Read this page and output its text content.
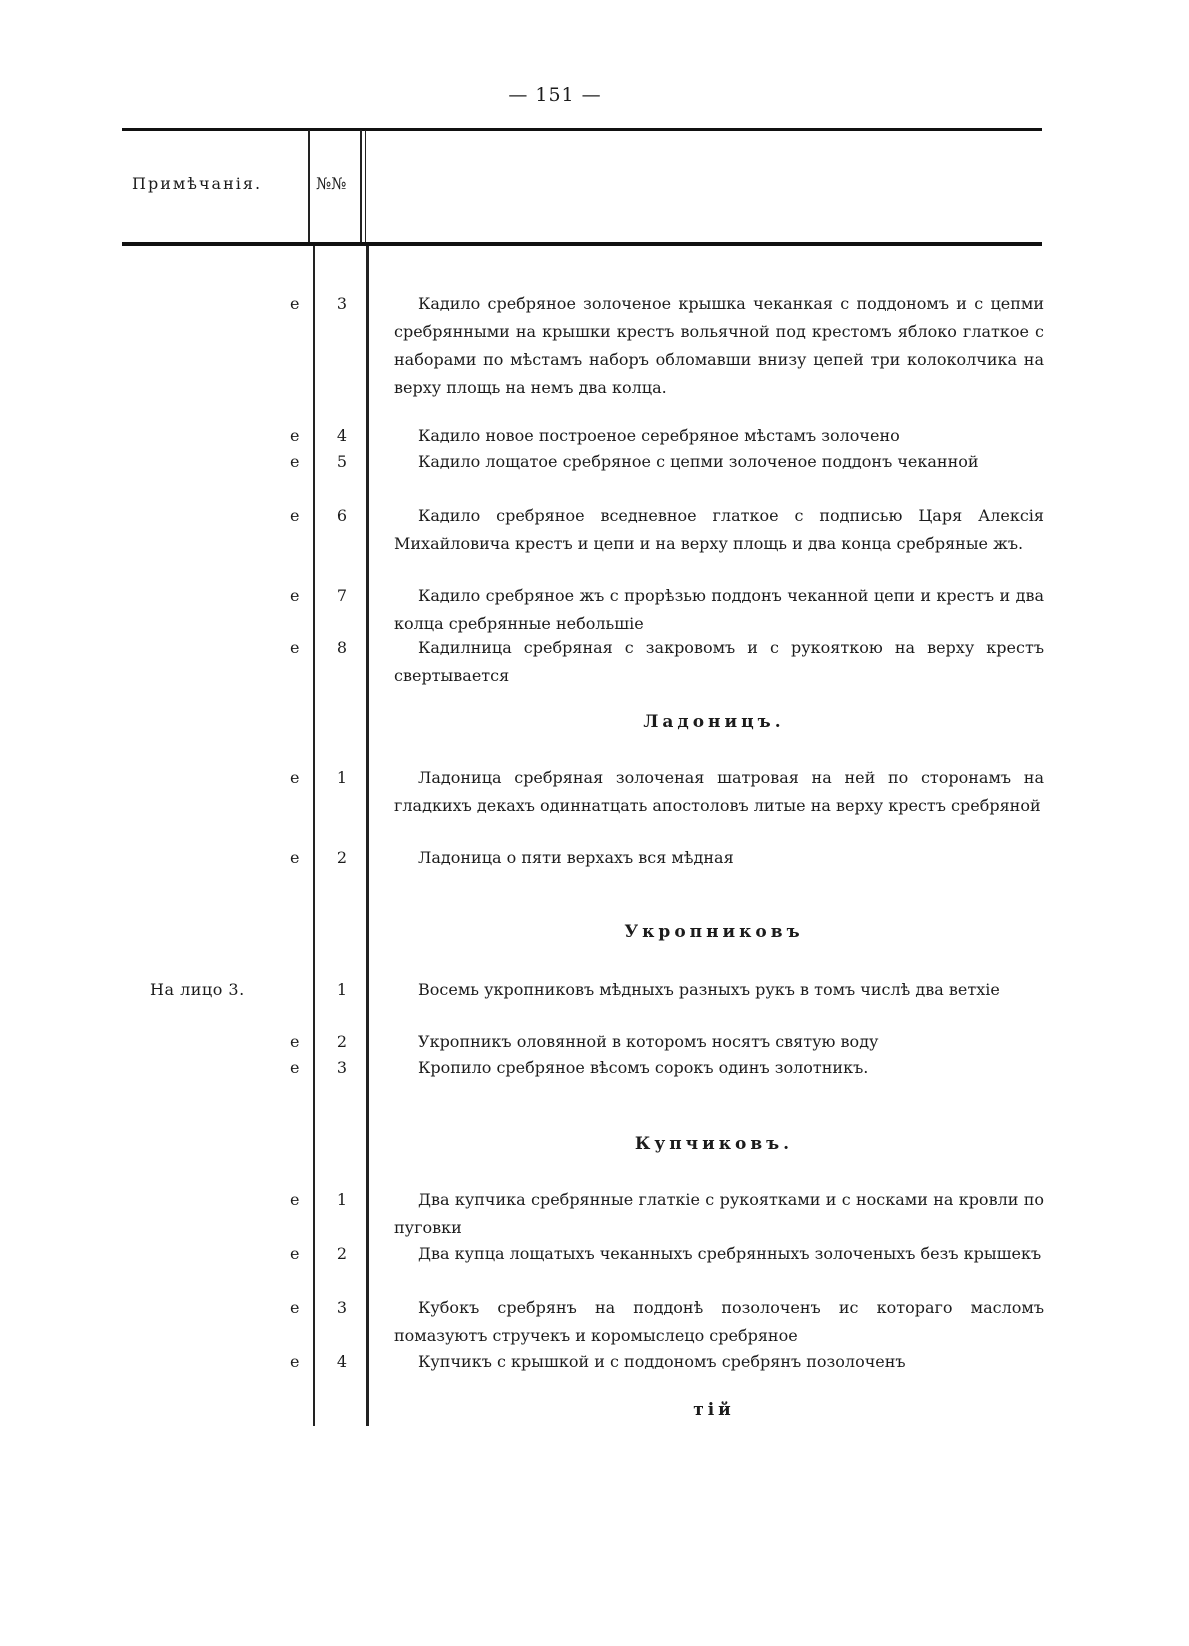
— 151 —
Примѣчанія.	№№
e	3	Кадило сребряное золоченое крышка чеканкая с поддономъ и с цепми сребрянными на крышки крестъ вольячной под крестомъ яблоко глаткое с наборами по мѣстамъ наборъ обломавши внизу цепей три колоколчика на верху площь на немъ два колца.
e	4	Кадило новое построеное серебряное мѣстамъ золочено
e	5	Кадило лощатое сребряное с цепми золоченое поддонъ чеканной
e	6	Кадило сребряное вседневное глаткое с подписью Царя Алексія Михайловича крестъ и цепи и на верху площь и два конца сребряные жъ.
e	7	Кадило сребряное жъ с прорѣзью поддонъ чеканной цепи и крестъ и два колца сребрянные небольшіе
e	8	Кадилница сребряная с закровомъ и с рукояткою на верху крестъ свертывается
Ладоницъ.
e	1	Ладоница сребряная золоченая шатровая на ней по сторонамъ на гладкихъ декахъ одиннатцать апостоловъ литые на верху крестъ сребряной
e	2	Ладоница о пяти верхахъ вся мѣдная
Укропниковъ
На лицо 3.	1	Восемь укропниковъ мѣдныхъ разныхъ рукъ в томъ числѣ два ветхіе
e	2	Укропникъ оловянной в которомъ носятъ святую воду
e	3	Кропило сребряное вѣсомъ сорокъ одинъ золотникъ.
Купчиковъ.
e	1	Два купчика сребрянные глаткіе с рукоятками и с носками на кровли по пуговки
e	2	Два купца лощатыхъ чеканныхъ сребрянныхъ золоченыхъ безъ крышекъ
e	3	Кубокъ сребрянъ на поддонѣ позолоченъ ис котораго масломъ помазуютъ стручекъ и коромыслецо сребряное
e	4	Купчикъ с крышкой и с поддономъ сребрянъ позолоченъ
тій
